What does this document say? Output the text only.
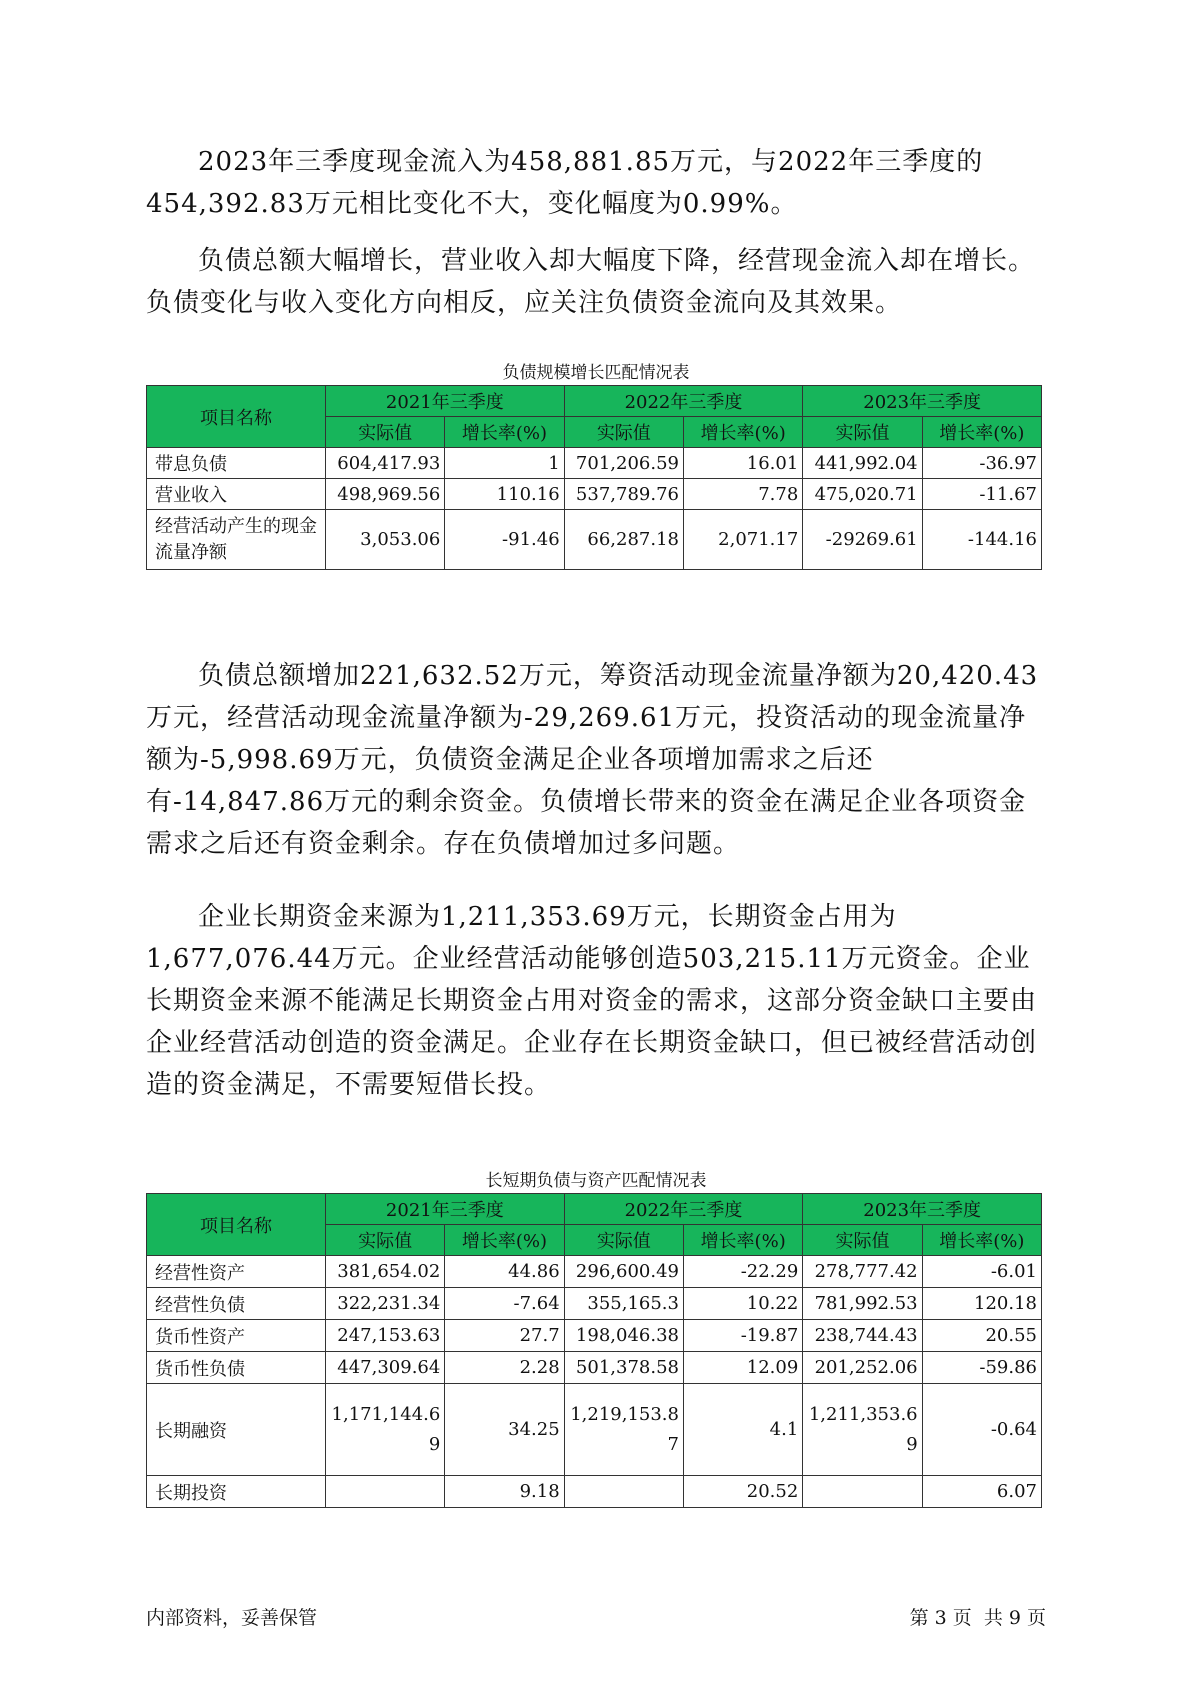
2023年三季度现金流入为458,881.85万元，与2022年三季度的454,392.83万元相比变化不大，变化幅度为0.99%。

负债总额大幅增长，营业收入却大幅度下降，经营现金流入却在增长。负债变化与收入变化方向相反，应关注负债资金流向及其效果。

负债规模增长匹配情况表

项目名称	2021年三季度		2022年三季度		2023年三季度	
	实际值	增长率(%)	实际值	增长率(%)	实际值	增长率(%)
带息负债	604,417.93	1	701,206.59	16.01	441,992.04	-36.97
营业收入	498,969.56	110.16	537,789.76	7.78	475,020.71	-11.67
经营活动产生的现金流量净额	3,053.06	-91.46	66,287.18	2,071.17	-29269.61	-144.16

负债总额增加221,632.52万元，筹资活动现金流量净额为20,420.43万元，经营活动现金流量净额为-29,269.61万元，投资活动的现金流量净额为-5,998.69万元，负债资金满足企业各项增加需求之后还有-14,847.86万元的剩余资金。负债增长带来的资金在满足企业各项资金需求之后还有资金剩余。存在负债增加过多问题。

企业长期资金来源为1,211,353.69万元，长期资金占用为1,677,076.44万元。企业经营活动能够创造503,215.11万元资金。企业长期资金来源不能满足长期资金占用对资金的需求，这部分资金缺口主要由企业经营活动创造的资金满足。企业存在长期资金缺口，但已被经营活动创造的资金满足，不需要短借长投。

长短期负债与资产匹配情况表

项目名称	2021年三季度		2022年三季度		2023年三季度	
	实际值	增长率(%)	实际值	增长率(%)	实际值	增长率(%)
经营性资产	381,654.02	44.86	296,600.49	-22.29	278,777.42	-6.01
经营性负债	322,231.34	-7.64	355,165.3	10.22	781,992.53	120.18
货币性资产	247,153.63	27.7	198,046.38	-19.87	238,744.43	20.55
货币性负债	447,309.64	2.28	501,378.58	12.09	201,252.06	-59.86
长期融资	1,171,144.69	34.25	1,219,153.87	4.1	1,211,353.69	-0.64
长期投资		9.18		20.52		6.07
内部资料，妥善保管	第 3 页  共 9 页
